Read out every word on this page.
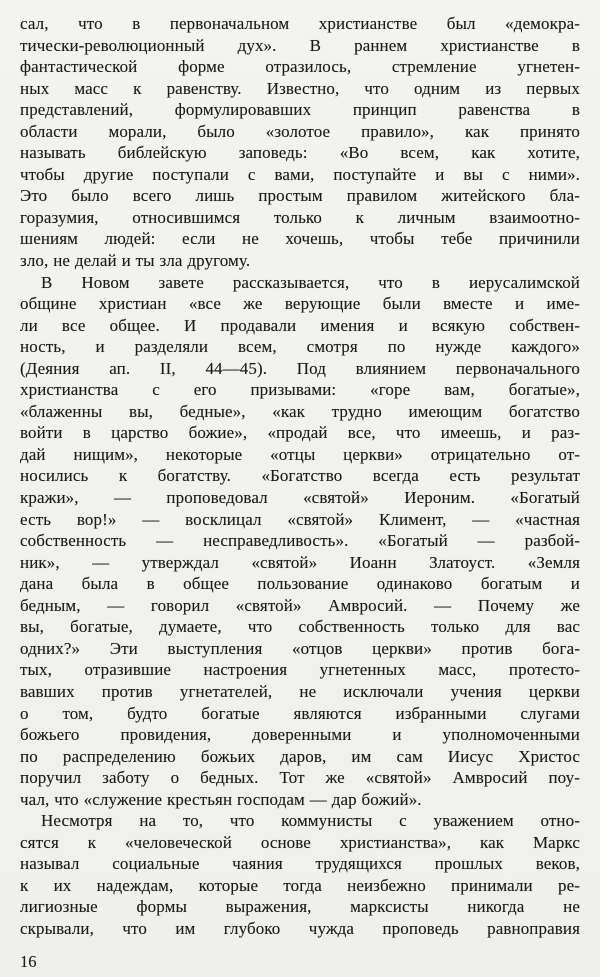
сал, что в первоначальном христианстве был «демокра-
тически-революционный дух». В раннем христианстве в
фантастической форме отразилось, стремление угнетен-
ных масс к равенству. Известно, что одним из первых
представлений, формулировавших принцип равенства в
области морали, было «золотое правило», как принято
называть библейскую заповедь: «Во всем, как хотите,
чтобы другие поступали с вами, поступайте и вы с ними».
Это было всего лишь простым правилом житейского бла-
горазумия, относившимся только к личным взаимоотно-
шениям людей: если не хочешь, чтобы тебе причинили
зло, не делай и ты зла другому.
В Новом завете рассказывается, что в иерусалимской
общине христиан «все же верующие были вместе и име-
ли все общее. И продавали имения и всякую собствен-
ность, и разделяли всем, смотря по нужде каждого»
(Деяния ап. II, 44—45). Под влиянием первоначального
христианства с его призывами: «горе вам, богатые»,
«блаженны вы, бедные», «как трудно имеющим богатство
войти в царство божие», «продай все, что имеешь, и раз-
дай нищим», некоторые «отцы церкви» отрицательно от-
носились к богатству. «Богатство всегда есть результат
кражи», — проповедовал «святой» Иероним. «Богатый
есть вор!» — восклицал «святой» Климент, — «частная
собственность — несправедливость». «Богатый — разбой-
ник», — утверждал «святой» Иоанн Златоуст. «Земля
дана была в общее пользование одинаково богатым и
бедным, — говорил «святой» Амвросий. — Почему же
вы, богатые, думаете, что собственность только для вас
одних?» Эти выступления «отцов церкви» против бога-
тых, отразившие настроения угнетенных масс, протесто-
вавших против угнетателей, не исключали учения церкви
о том, будто богатые являются избранными слугами
божьего провидения, доверенными и уполномоченными
по распределению божьих даров, им сам Иисус Христос
поручил заботу о бедных. Тот же «святой» Амвросий поу-
чал, что «служение крестьян господам — дар божий».
Несмотря на то, что коммунисты с уважением отно-
сятся к «человеческой основе христианства», как Маркс
называл социальные чаяния трудящихся прошлых веков,
к их надеждам, которые тогда неизбежно принимали ре-
лигиозные формы выражения, марксисты никогда не
скрывали, что им глубоко чужда проповедь равноправия
16
